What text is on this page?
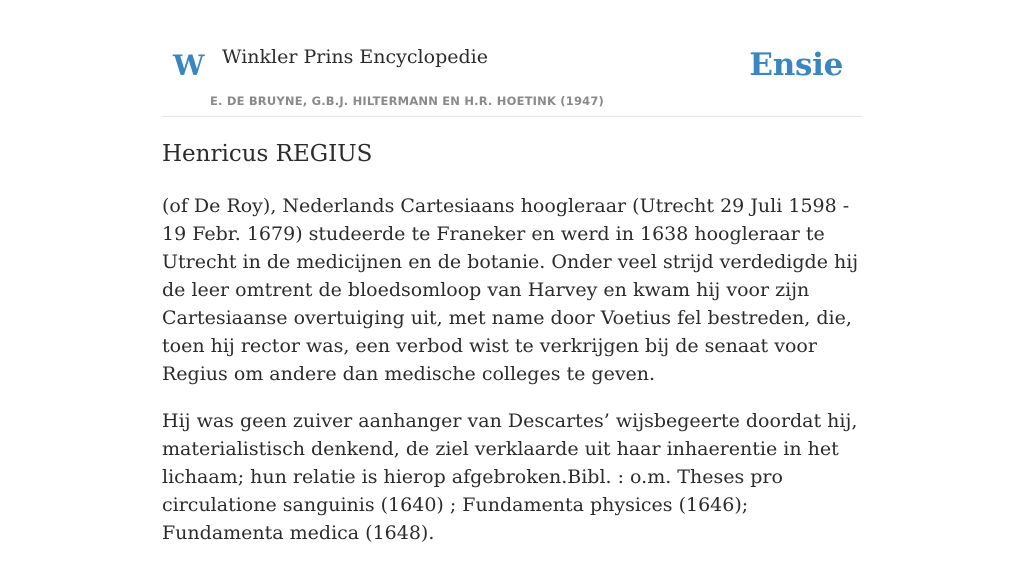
W Winkler Prins Encyclopedie
E. DE BRUYNE, G.B.J. HILTERMANN EN H.R. HOETINK (1947)
Ensie
Henricus REGIUS

(of De Roy), Nederlands Cartesiaans hoogleraar (Utrecht 29 Juli 1598 - 19 Febr. 1679) studeerde te Franeker en werd in 1638 hoogleraar te Utrecht in de medicijnen en de botanie. Onder veel strijd verdedigde hij de leer omtrent de bloedsomloop van Harvey en kwam hij voor zijn Cartesiaanse overtuiging uit, met name door Voetius fel bestreden, die, toen hij rector was, een verbod wist te verkrijgen bij de senaat voor Regius om andere dan medische colleges te geven.

Hij was geen zuiver aanhanger van Descartes’ wijsbegeerte doordat hij, materialistisch denkend, de ziel verklaarde uit haar inhaerentie in het lichaam; hun relatie is hierop afgebroken.Bibl. : o.m. Theses pro circulatione sanguinis (1640) ; Fundamenta physices (1646); Fundamenta medica (1648).
